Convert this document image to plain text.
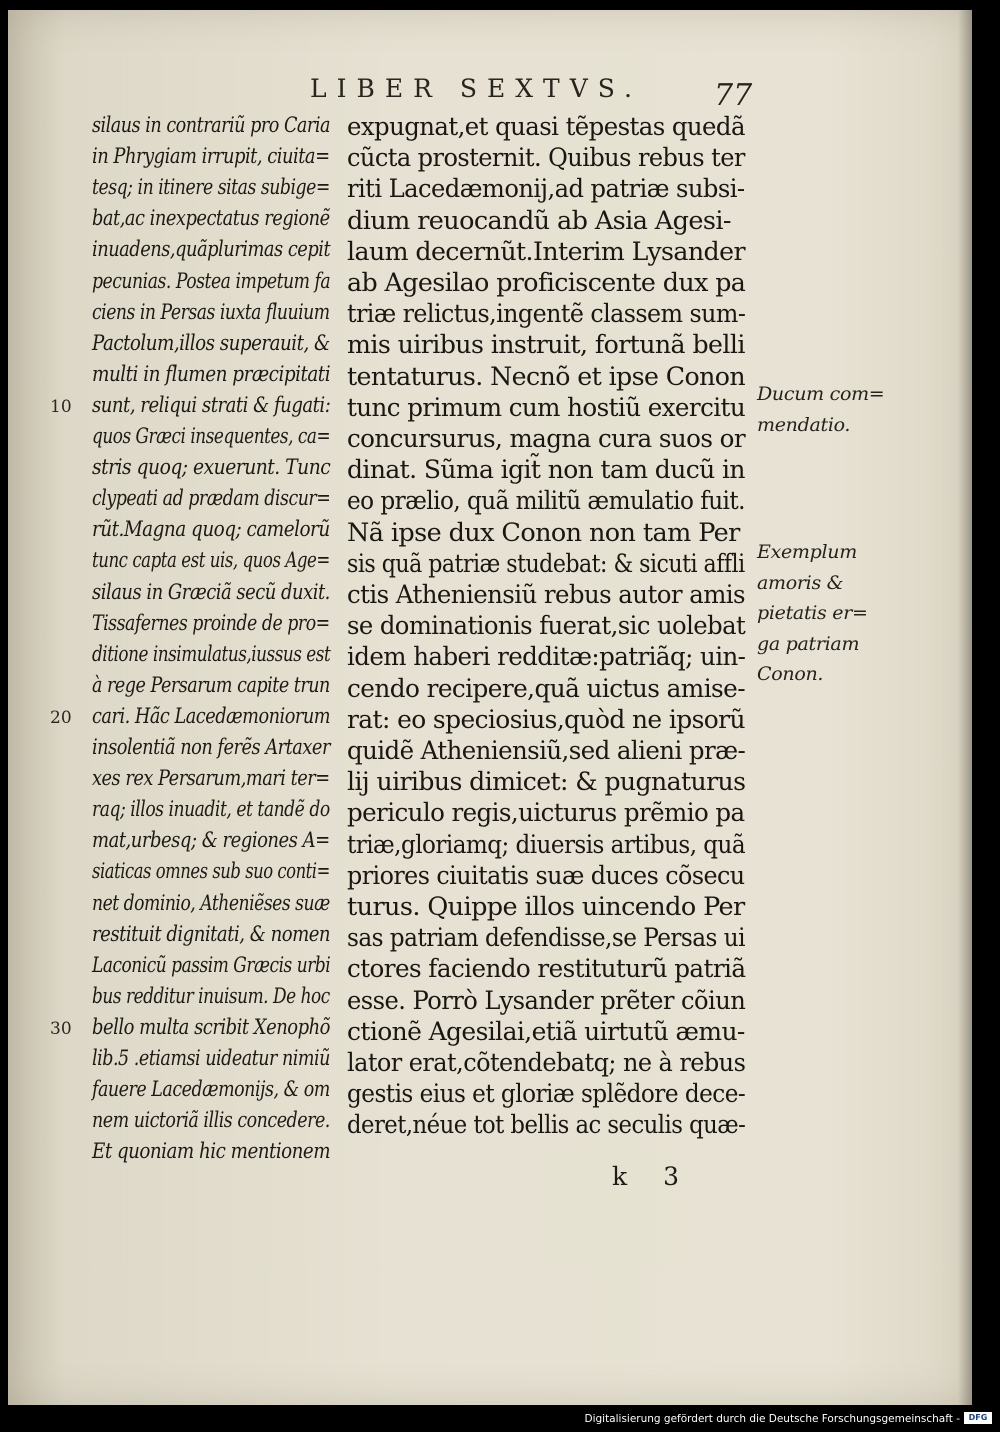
LIBER SEXTVS. 77
silaus in contrariũ pro Caria
in Phrygiam irrupit, ciuita=
tesq; in itinere sitas subige=
bat,ac inexpectatus regionẽ
inuadens,quãplurimas cepit
pecunias. Postea impetum fa
ciens in Persas iuxta fluuium
Pactolum,illos superauit, &
multi in flumen præcipitati
sunt, reliqui strati & fugati:
quos Græci insequentes, ca=
stris quoq; exuerunt. Tunc
clypeati ad prædam discur=
rũt.Magna quoq; camelorũ
tunc capta est uis, quos Age=
silaus in Græciã secũ duxit.
Tissafernes proinde de pro=
ditione insimulatus,iussus est
à rege Persarum capite trun
cari. Hãc Lacedæmoniorum
insolentiã non ferẽs Artaxer
xes rex Persarum,mari ter=
raq; illos inuadit, et tandẽ do
mat,urbesq; & regiones A=
siaticas omnes sub suo conti=
net dominio, Atheniẽses suæ
restituit dignitati, & nomen
Laconicũ passim Græcis urbi
bus redditur inuisum. De hoc
bello multa scribit Xenophõ
lib.5 .etiamsi uideatur nimiũ
fauere Lacedæmonijs, & om
nem uictoriã illis concedere.
Et quoniam hic mentionem
10
20
30
expugnat,et quasi tẽpestas quedã
cũcta prosternit. Quibus rebus ter
riti Lacedæmonij,ad patriæ subsi-
dium reuocandũ ab Asia Agesi-
laum decernũt.Interim Lysander
ab Agesilao proficiscente dux pa
triæ relictus,ingentẽ classem sum-
mis uiribus instruit, fortunã belli
tentaturus. Necnõ et ipse Conon
tunc primum cum hostiũ exercitu
concursurus, magna cura suos or
dinat. Sũma igit̃ non tam ducũ in
eo prælio, quã militũ æmulatio fuit.
Nã ipse dux Conon non tam Per
sis quã patriæ studebat: & sicuti affli
ctis Atheniensiũ rebus autor amis
se dominationis fuerat,sic uolebat
idem haberi redditæ:patriãq; uin-
cendo recipere,quã uictus amise-
rat: eo speciosius,quòd ne ipsorũ
quidẽ Atheniensiũ,sed alieni præ-
lij uiribus dimicet: & pugnaturus
periculo regis,uicturus prẽmio pa
triæ,gloriamq; diuersis artibus, quã
priores ciuitatis suæ duces cõsecu
turus. Quippe illos uincendo Per
sas patriam defendisse,se Persas ui
ctores faciendo restituturũ patriã
esse. Porrò Lysander prẽter cõiun
ctionẽ Agesilai,etiã uirtutũ æmu-
lator erat,cõtendebatq; ne à rebus
gestis eius et gloriæ splẽdore dece-
deret,néue tot bellis ac seculis quæ-
Ducum com=
mendatio.
Exemplum
amoris &
pietatis er=
ga patriam
Conon.
k 3
Digitalisierung gefördert durch die Deutsche Forschungsgemeinschaft -	DFG
